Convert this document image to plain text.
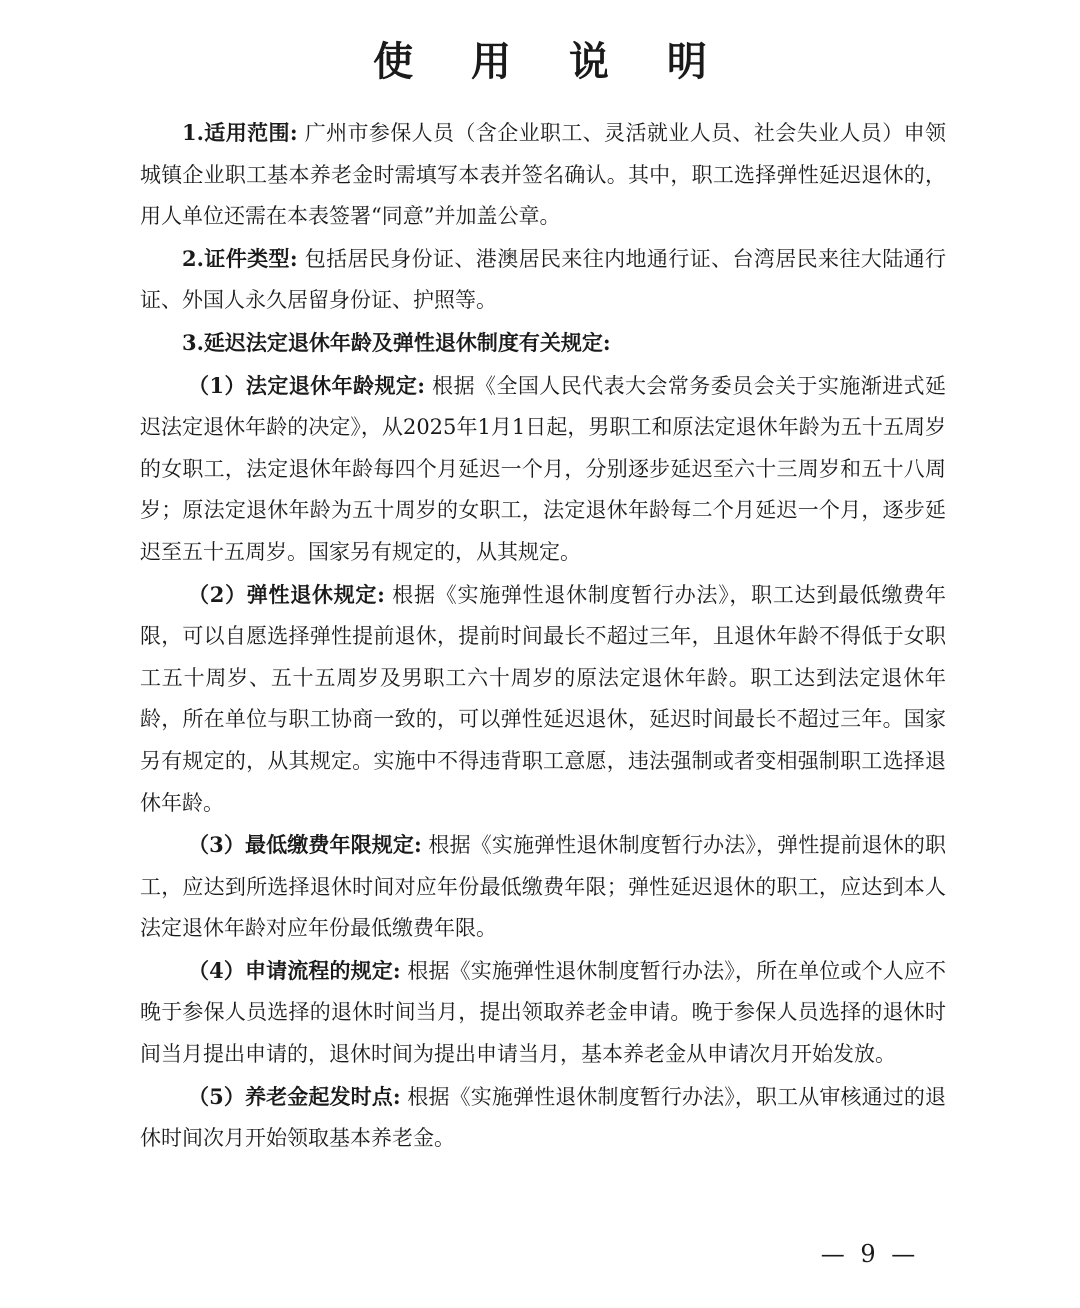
使 用 说 明

1.适用范围: 广州市参保人员（含企业职工、灵活就业人员、社会失业人员）申领城镇企业职工基本养老金时需填写本表并签名确认。其中，职工选择弹性延迟退休的，用人单位还需在本表签署“同意”并加盖公章。

2.证件类型: 包括居民身份证、港澳居民来往内地通行证、台湾居民来往大陆通行证、外国人永久居留身份证、护照等。

3.延迟法定退休年龄及弹性退休制度有关规定:

（1）法定退休年龄规定: 根据《全国人民代表大会常务委员会关于实施渐进式延迟法定退休年龄的决定》，从2025年1月1日起，男职工和原法定退休年龄为五十五周岁的女职工，法定退休年龄每四个月延迟一个月，分别逐步延迟至六十三周岁和五十八周岁；原法定退休年龄为五十周岁的女职工，法定退休年龄每二个月延迟一个月，逐步延迟至五十五周岁。国家另有规定的，从其规定。

（2）弹性退休规定: 根据《实施弹性退休制度暂行办法》，职工达到最低缴费年限，可以自愿选择弹性提前退休，提前时间最长不超过三年，且退休年龄不得低于女职工五十周岁、五十五周岁及男职工六十周岁的原法定退休年龄。职工达到法定退休年龄，所在单位与职工协商一致的，可以弹性延迟退休，延迟时间最长不超过三年。国家另有规定的，从其规定。实施中不得违背职工意愿，违法强制或者变相强制职工选择退休年龄。

（3）最低缴费年限规定: 根据《实施弹性退休制度暂行办法》，弹性提前退休的职工，应达到所选择退休时间对应年份最低缴费年限；弹性延迟退休的职工，应达到本人法定退休年龄对应年份最低缴费年限。

（4）申请流程的规定: 根据《实施弹性退休制度暂行办法》，所在单位或个人应不晚于参保人员选择的退休时间当月，提出领取养老金申请。晚于参保人员选择的退休时间当月提出申请的，退休时间为提出申请当月，基本养老金从申请次月开始发放。

（5）养老金起发时点: 根据《实施弹性退休制度暂行办法》，职工从审核通过的退休时间次月开始领取基本养老金。

— 9 —
